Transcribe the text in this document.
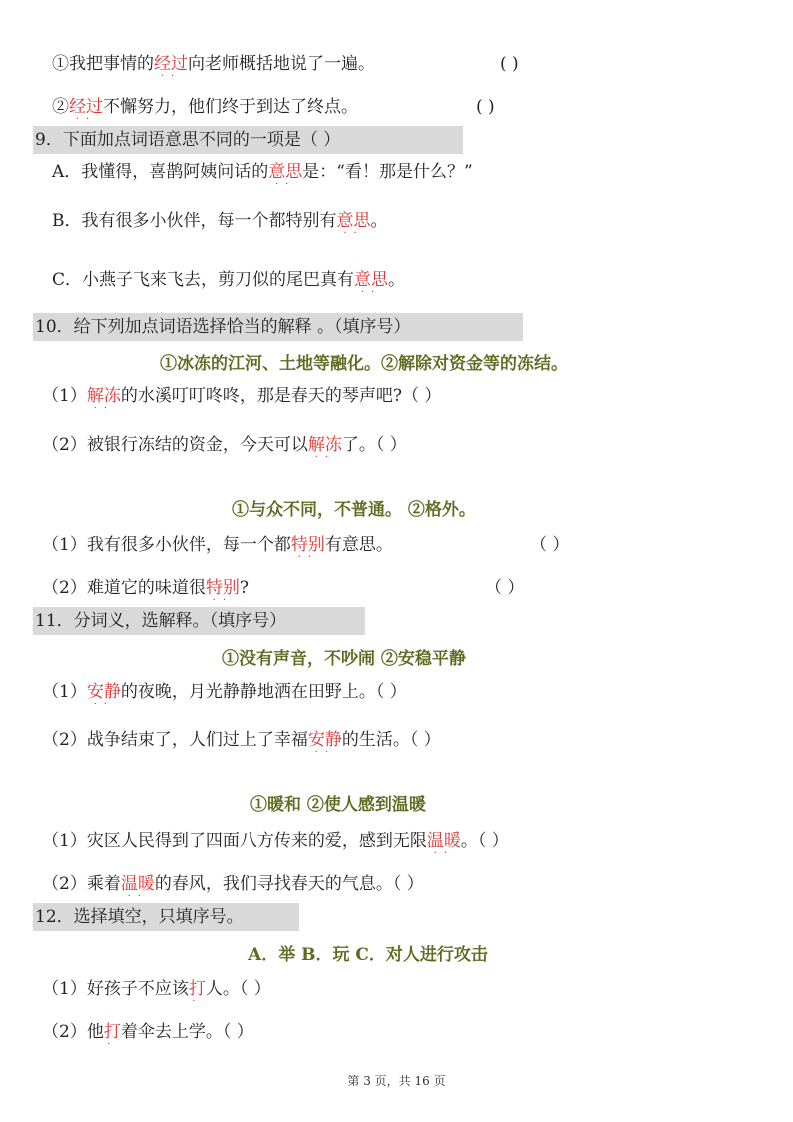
①我把事情的经过
··
向老师概括地说了一遍。	( )
②经过
··
不懈努力，他们终于到达了终点。	( )
9．下面加点词语意思不同的一项是（ ）
A．我懂得，喜鹊阿姨问话的意思
··
是：“看！那是什么？”
B．我有很多小伙伴，每一个都特别有意思
··
。
C．小燕子飞来飞去，剪刀似的尾巴真有意思
··
。
10．给下列加点词语选择恰当的解释 。（填序号）
①冰冻的江河、土地等融化。②解除对资金等的冻结。
（1）解冻
··
的水溪叮叮咚咚，那是春天的琴声吧?（ ）
（2）被银行冻结的资金，今天可以解冻
··
了。（ ）
①与众不同，不普通。 ②格外。
（1）我有很多小伙伴，每一个都特别
··
有意思。	（ ）
（2）难道它的味道很特别
··
?	（ ）
11．分词义，选解释。（填序号）
①没有声音，不吵闹 ②安稳平静
（1）安静
··
的夜晚，月光静静地洒在田野上。（ ）
（2）战争结束了，人们过上了幸福安静
··
的生活。（ ）
①暖和 ②使人感到温暖
（1）灾区人民得到了四面八方传来的爱，感到无限温暖
··
。（ ）
（2）乘着温暖
··
的春风，我们寻找春天的气息。（ ）
12．选择填空，只填序号。
A．举 B．玩 C．对人进行攻击
（1）好孩子不应该打
·
人。（ ）
（2）他打
·
着伞去上学。（ ）
第 3 页，共 16 页
